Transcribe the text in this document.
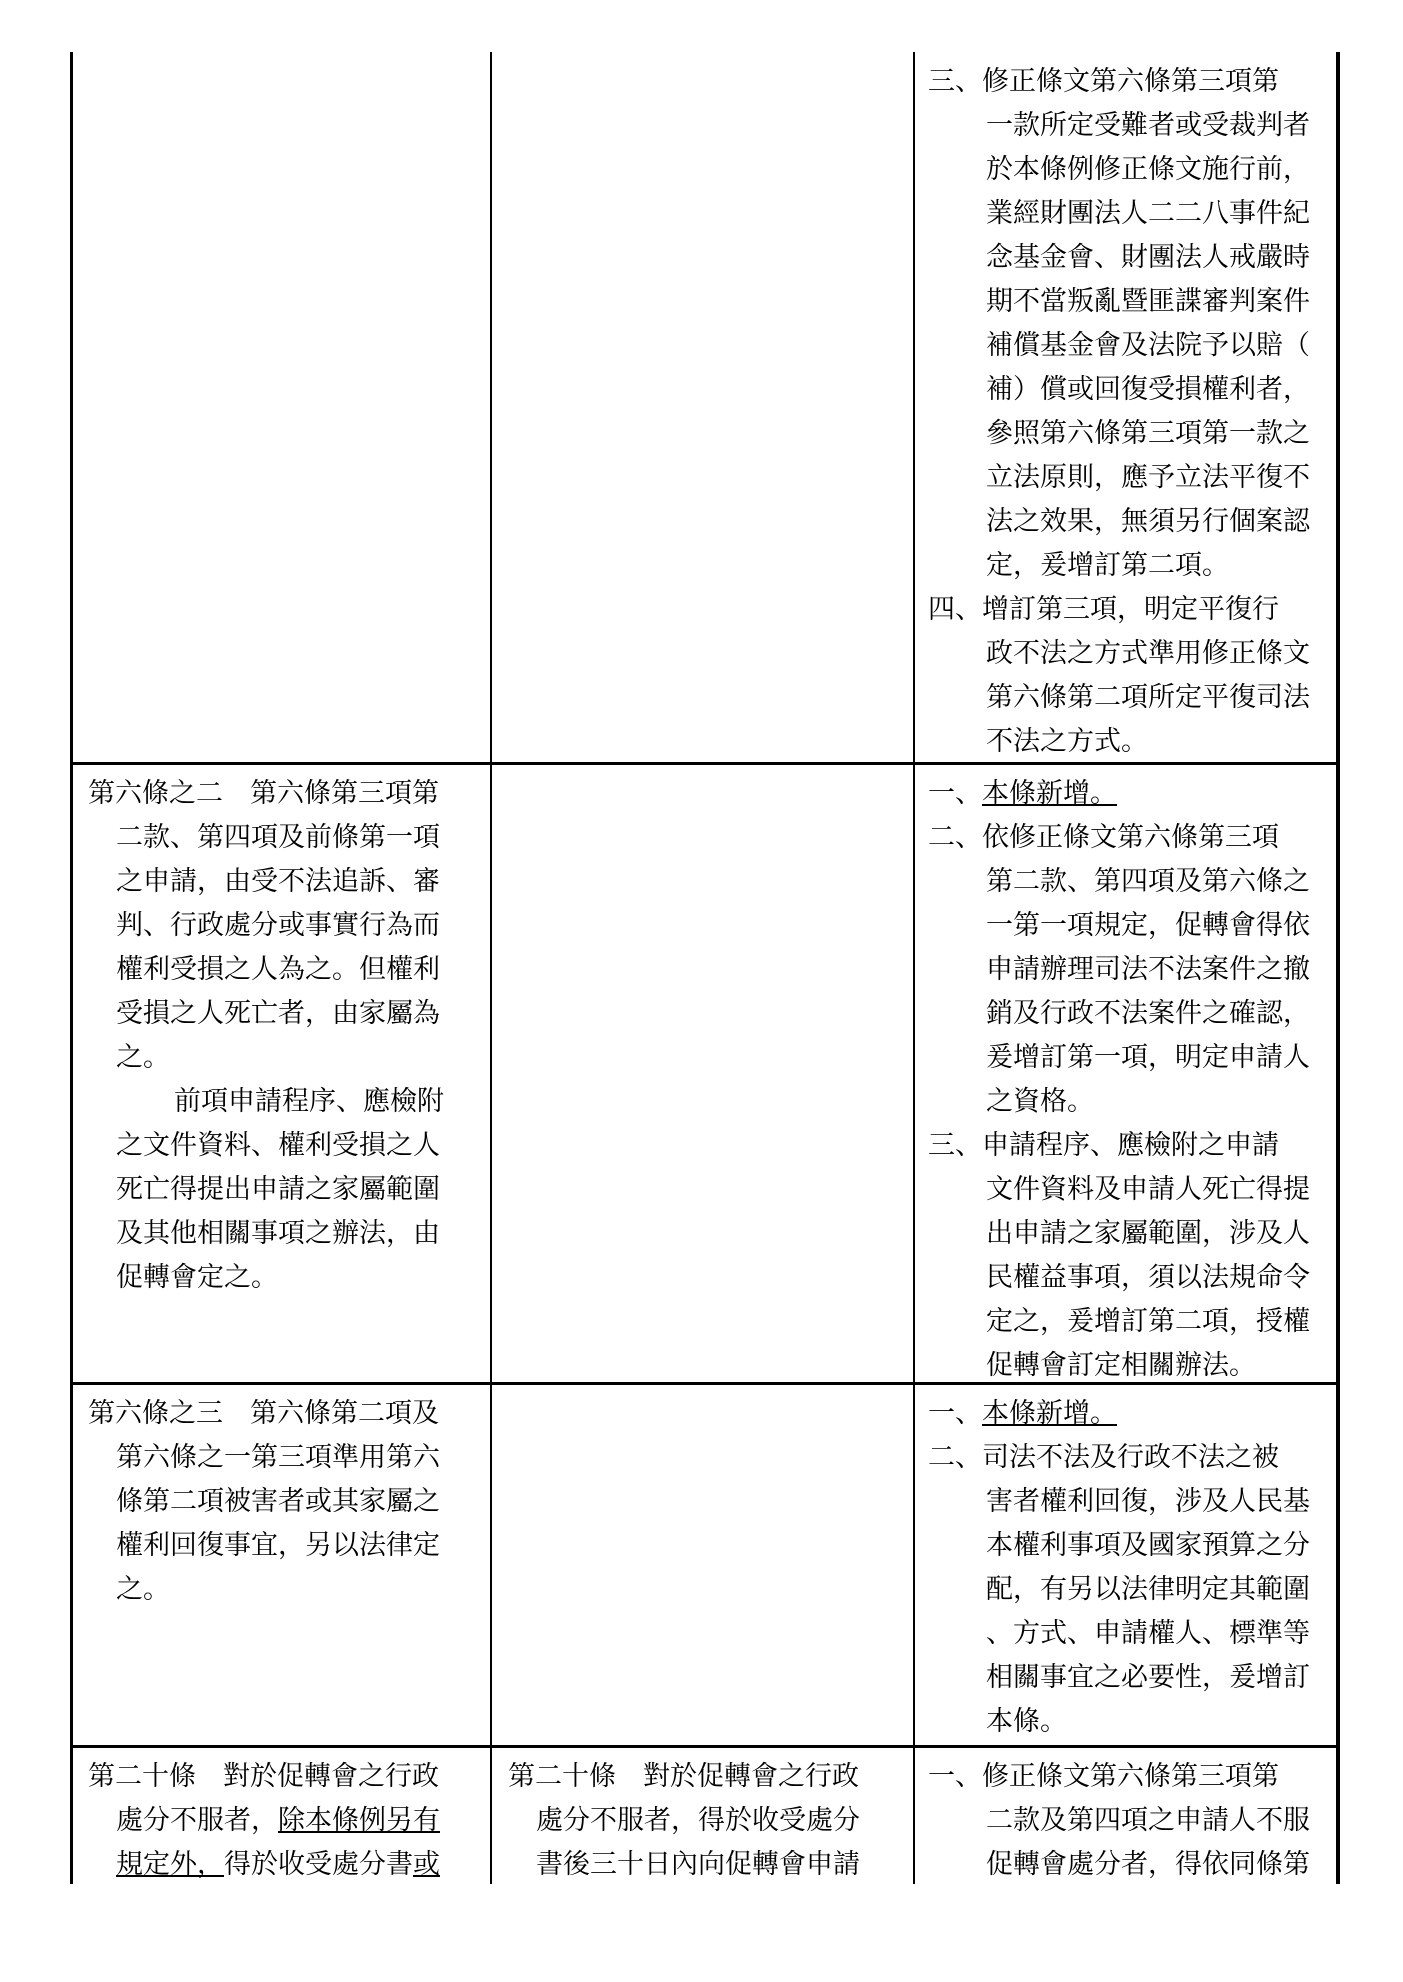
三、修正條文第六條第三項第
一款所定受難者或受裁判者
於本條例修正條文施行前，
業經財團法人二二八事件紀
念基金會、財團法人戒嚴時
期不當叛亂暨匪諜審判案件
補償基金會及法院予以賠（
補）償或回復受損權利者，
參照第六條第三項第一款之
立法原則，應予立法平復不
法之效果，無須另行個案認
定，爰增訂第二項。
四、增訂第三項，明定平復行
政不法之方式準用修正條文
第六條第二項所定平復司法
不法之方式。
第六條之二　第六條第三項第
二款、第四項及前條第一項
之申請，由受不法追訴、審
判、行政處分或事實行為而
權利受損之人為之。但權利
受損之人死亡者，由家屬為
之。
前項申請程序、應檢附
之文件資料、權利受損之人
死亡得提出申請之家屬範圍
及其他相關事項之辦法，由
促轉會定之。
一、本條新增。
二、依修正條文第六條第三項
第二款、第四項及第六條之
一第一項規定，促轉會得依
申請辦理司法不法案件之撤
銷及行政不法案件之確認，
爰增訂第一項，明定申請人
之資格。
三、申請程序、應檢附之申請
文件資料及申請人死亡得提
出申請之家屬範圍，涉及人
民權益事項，須以法規命令
定之，爰增訂第二項，授權
促轉會訂定相關辦法。
第六條之三　第六條第二項及
第六條之一第三項準用第六
條第二項被害者或其家屬之
權利回復事宜，另以法律定
之。
一、本條新增。
二、司法不法及行政不法之被
害者權利回復，涉及人民基
本權利事項及國家預算之分
配，有另以法律明定其範圍
、方式、申請權人、標準等
相關事宜之必要性，爰增訂
本條。
第二十條　對於促轉會之行政
處分不服者，除本條例另有
規定外，得於收受處分書或
第二十條　對於促轉會之行政
處分不服者，得於收受處分
書後三十日內向促轉會申請
一、修正條文第六條第三項第
二款及第四項之申請人不服
促轉會處分者，得依同條第
